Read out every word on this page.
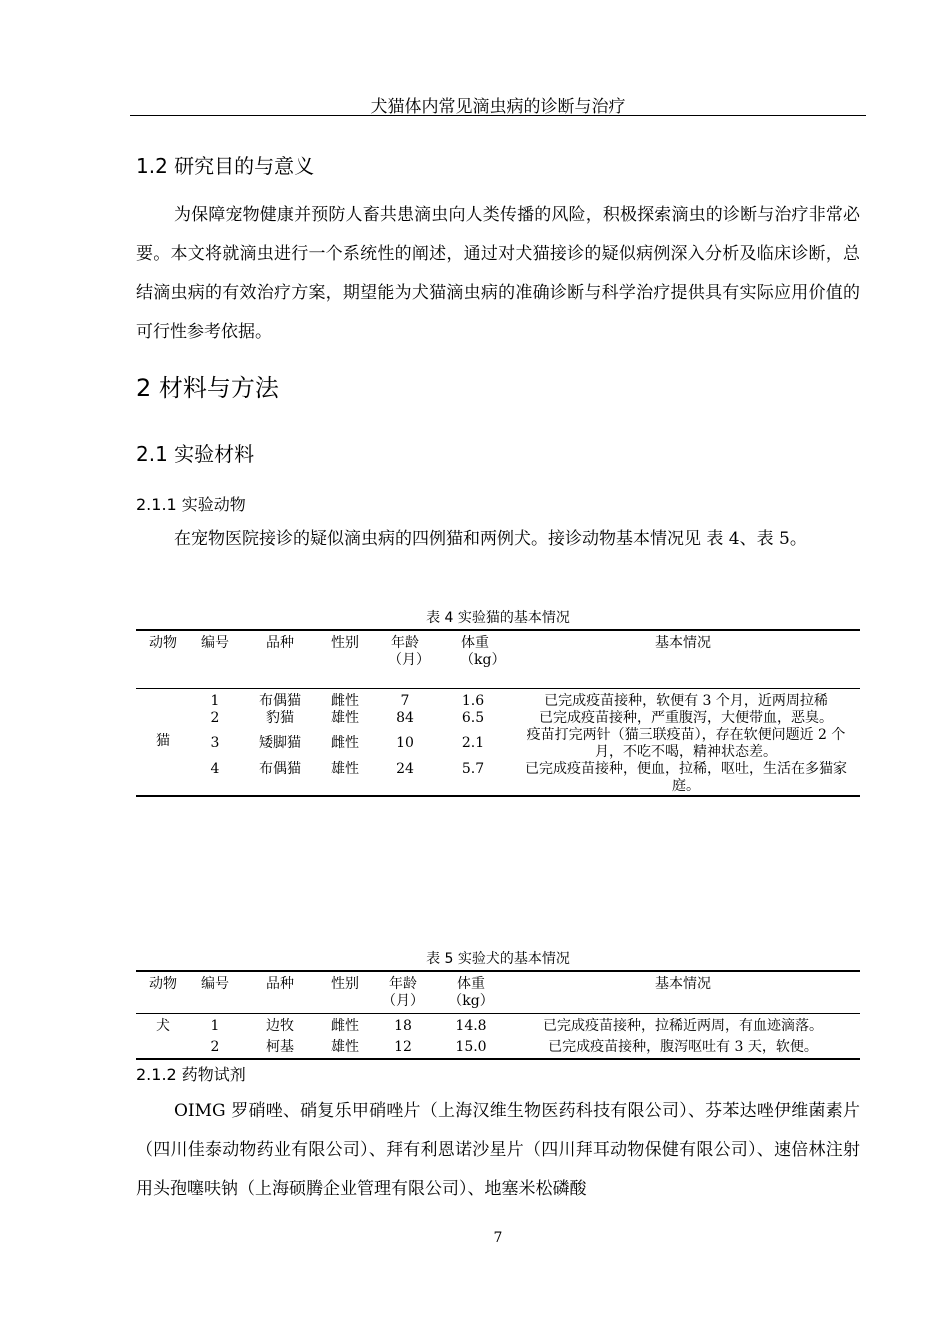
犬猫体内常见滴虫病的诊断与治疗
1.2 研究目的与意义
为保障宠物健康并预防人畜共患滴虫向人类传播的风险，积极探索滴虫的诊断与治疗非常必要。本文将就滴虫进行一个系统性的阐述，通过对犬猫接诊的疑似病例深入分析及临床诊断，总结滴虫病的有效治疗方案，期望能为犬猫滴虫病的准确诊断与科学治疗提供具有实际应用价值的可行性参考依据。
2 材料与方法
2.1 实验材料
2.1.1 实验动物
在宠物医院接诊的疑似滴虫病的四例猫和两例犬。接诊动物基本情况见 表 4、表 5。
表 4 实验猫的基本情况
动物	编号	品种	性别	年龄（月）	体重（kg）	基本情况
猫	1	布偶猫	雌性	7	1.6	已完成疫苗接种，软便有 3 个月，近两周拉稀
	2	豹猫	雄性	84	6.5	已完成疫苗接种，严重腹泻，大便带血，恶臭。
	3	矮脚猫	雌性	10	2.1	疫苗打完两针（猫三联疫苗），存在软便问题近 2 个月，不吃不喝，精神状态差。
	4	布偶猫	雄性	24	5.7	已完成疫苗接种，便血，拉稀，呕吐，生活在多猫家庭。
表 5 实验犬的基本情况
动物	编号	品种	性别	年龄（月）	体重（kg）	基本情况
犬	1	边牧	雌性	18	14.8	已完成疫苗接种，拉稀近两周，有血迹滴落。
	2	柯基	雄性	12	15.0	已完成疫苗接种，腹泻呕吐有 3 天，软便。
2.1.2 药物试剂
OIMG 罗硝唑、硝复乐甲硝唑片（上海汉维生物医药科技有限公司）、芬苯达唑伊维菌素片（四川佳泰动物药业有限公司）、拜有利恩诺沙星片（四川拜耳动物保健有限公司）、速倍林注射用头孢噻呋钠（上海硕腾企业管理有限公司）、地塞米松磷酸
7
